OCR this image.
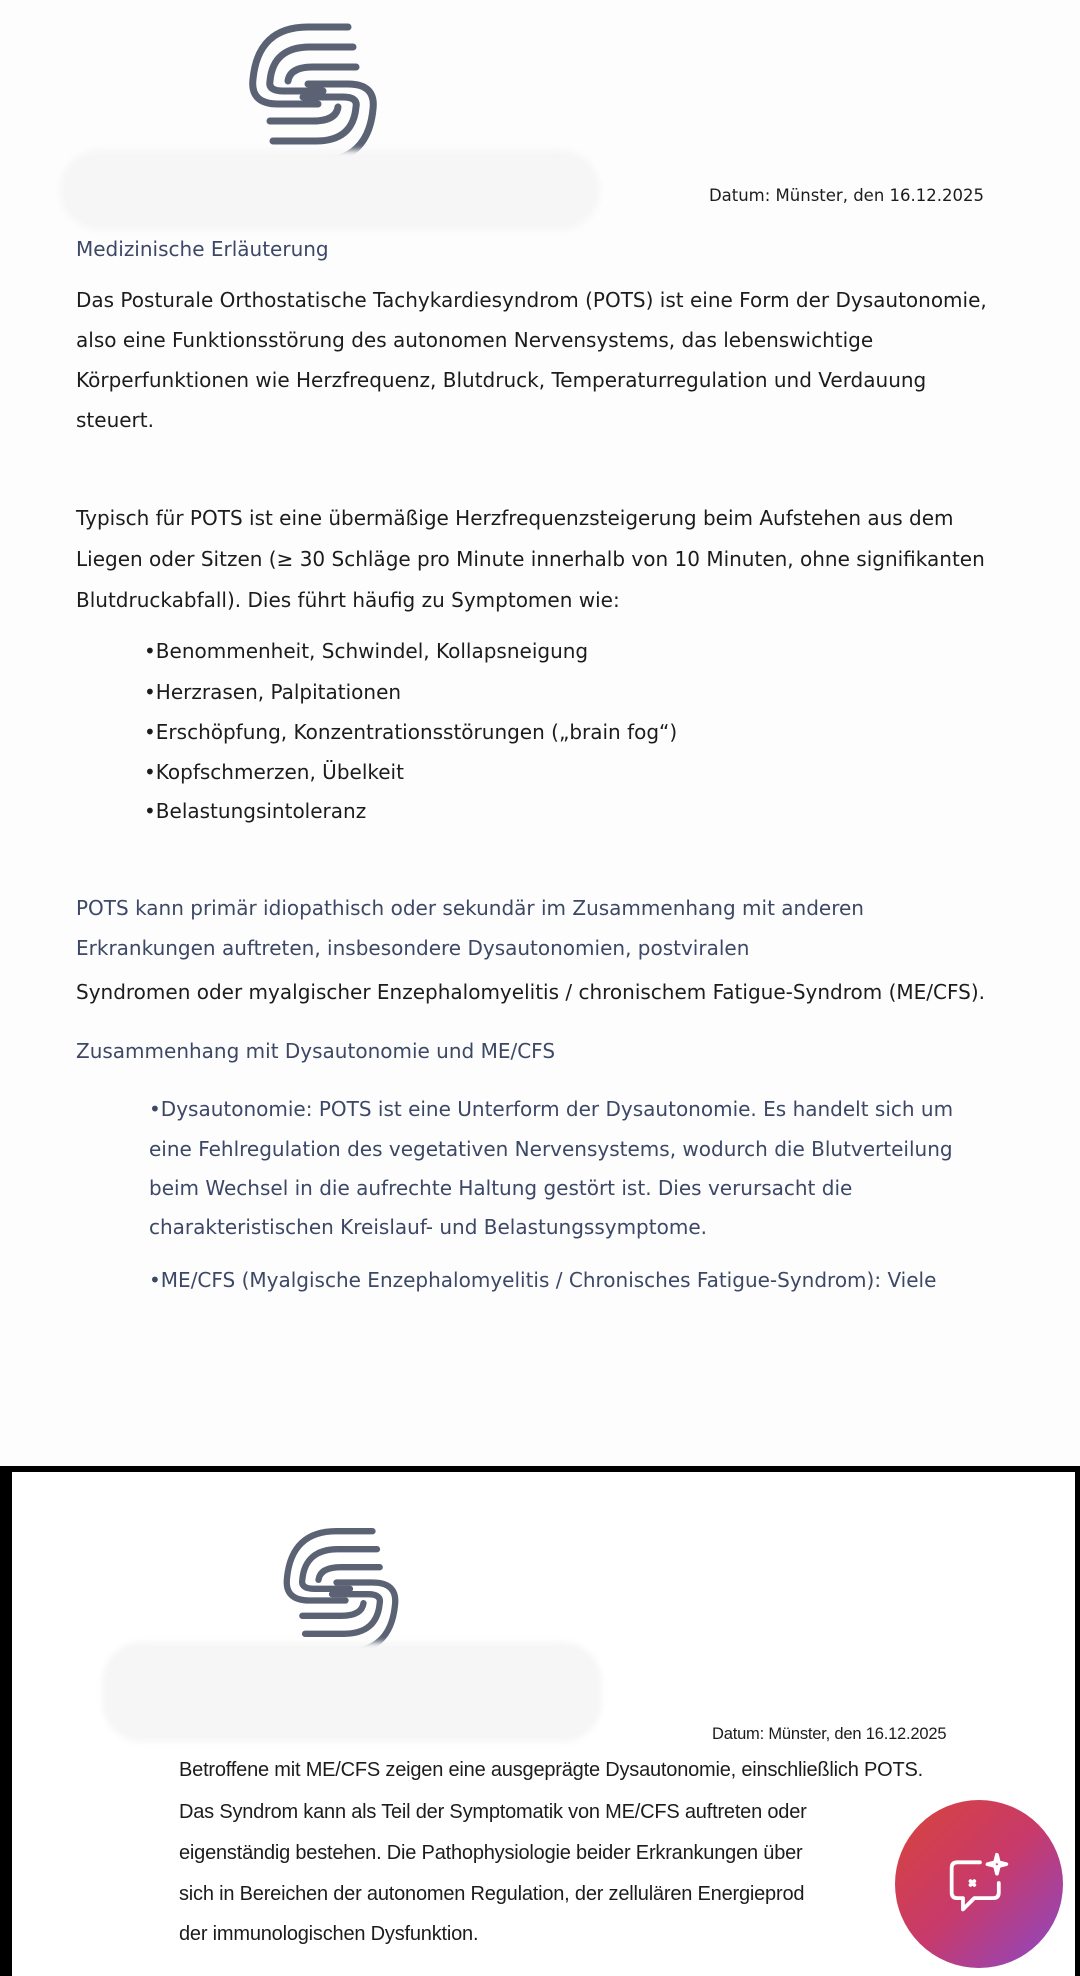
Datum: Münster, den 16.12.2025
Medizinische Erläuterung
Das Posturale Orthostatische Tachykardiesyndrom (POTS) ist eine Form der Dysautonomie,
also eine Funktionsstörung des autonomen Nervensystems, das lebenswichtige
Körperfunktionen wie Herzfrequenz, Blutdruck, Temperaturregulation und Verdauung
steuert.
Typisch für POTS ist eine übermäßige Herzfrequenzsteigerung beim Aufstehen aus dem
Liegen oder Sitzen (≥ 30 Schläge pro Minute innerhalb von 10 Minuten, ohne signifikanten
Blutdruckabfall). Dies führt häufig zu Symptomen wie:
•Benommenheit, Schwindel, Kollapsneigung
•Herzrasen, Palpitationen
•Erschöpfung, Konzentrationsstörungen („brain fog“)
•Kopfschmerzen, Übelkeit
•Belastungsintoleranz
POTS kann primär idiopathisch oder sekundär im Zusammenhang mit anderen
Erkrankungen auftreten, insbesondere Dysautonomien, postviralen
Syndromen oder myalgischer Enzephalomyelitis / chronischem Fatigue-Syndrom (ME/CFS).
Zusammenhang mit Dysautonomie und ME/CFS
•Dysautonomie: POTS ist eine Unterform der Dysautonomie. Es handelt sich um
eine Fehlregulation des vegetativen Nervensystems, wodurch die Blutverteilung
beim Wechsel in die aufrechte Haltung gestört ist. Dies verursacht die
charakteristischen Kreislauf- und Belastungssymptome.
•ME/CFS (Myalgische Enzephalomyelitis / Chronisches Fatigue-Syndrom): Viele
Datum: Münster, den 16.12.2025
Betroffene mit ME/CFS zeigen eine ausgeprägte Dysautonomie, einschließlich POTS.
Das Syndrom kann als Teil der Symptomatik von ME/CFS auftreten oder
eigenständig bestehen. Die Pathophysiologie beider Erkrankungen über
sich in Bereichen der autonomen Regulation, der zellulären Energieprod
der immunologischen Dysfunktion.
